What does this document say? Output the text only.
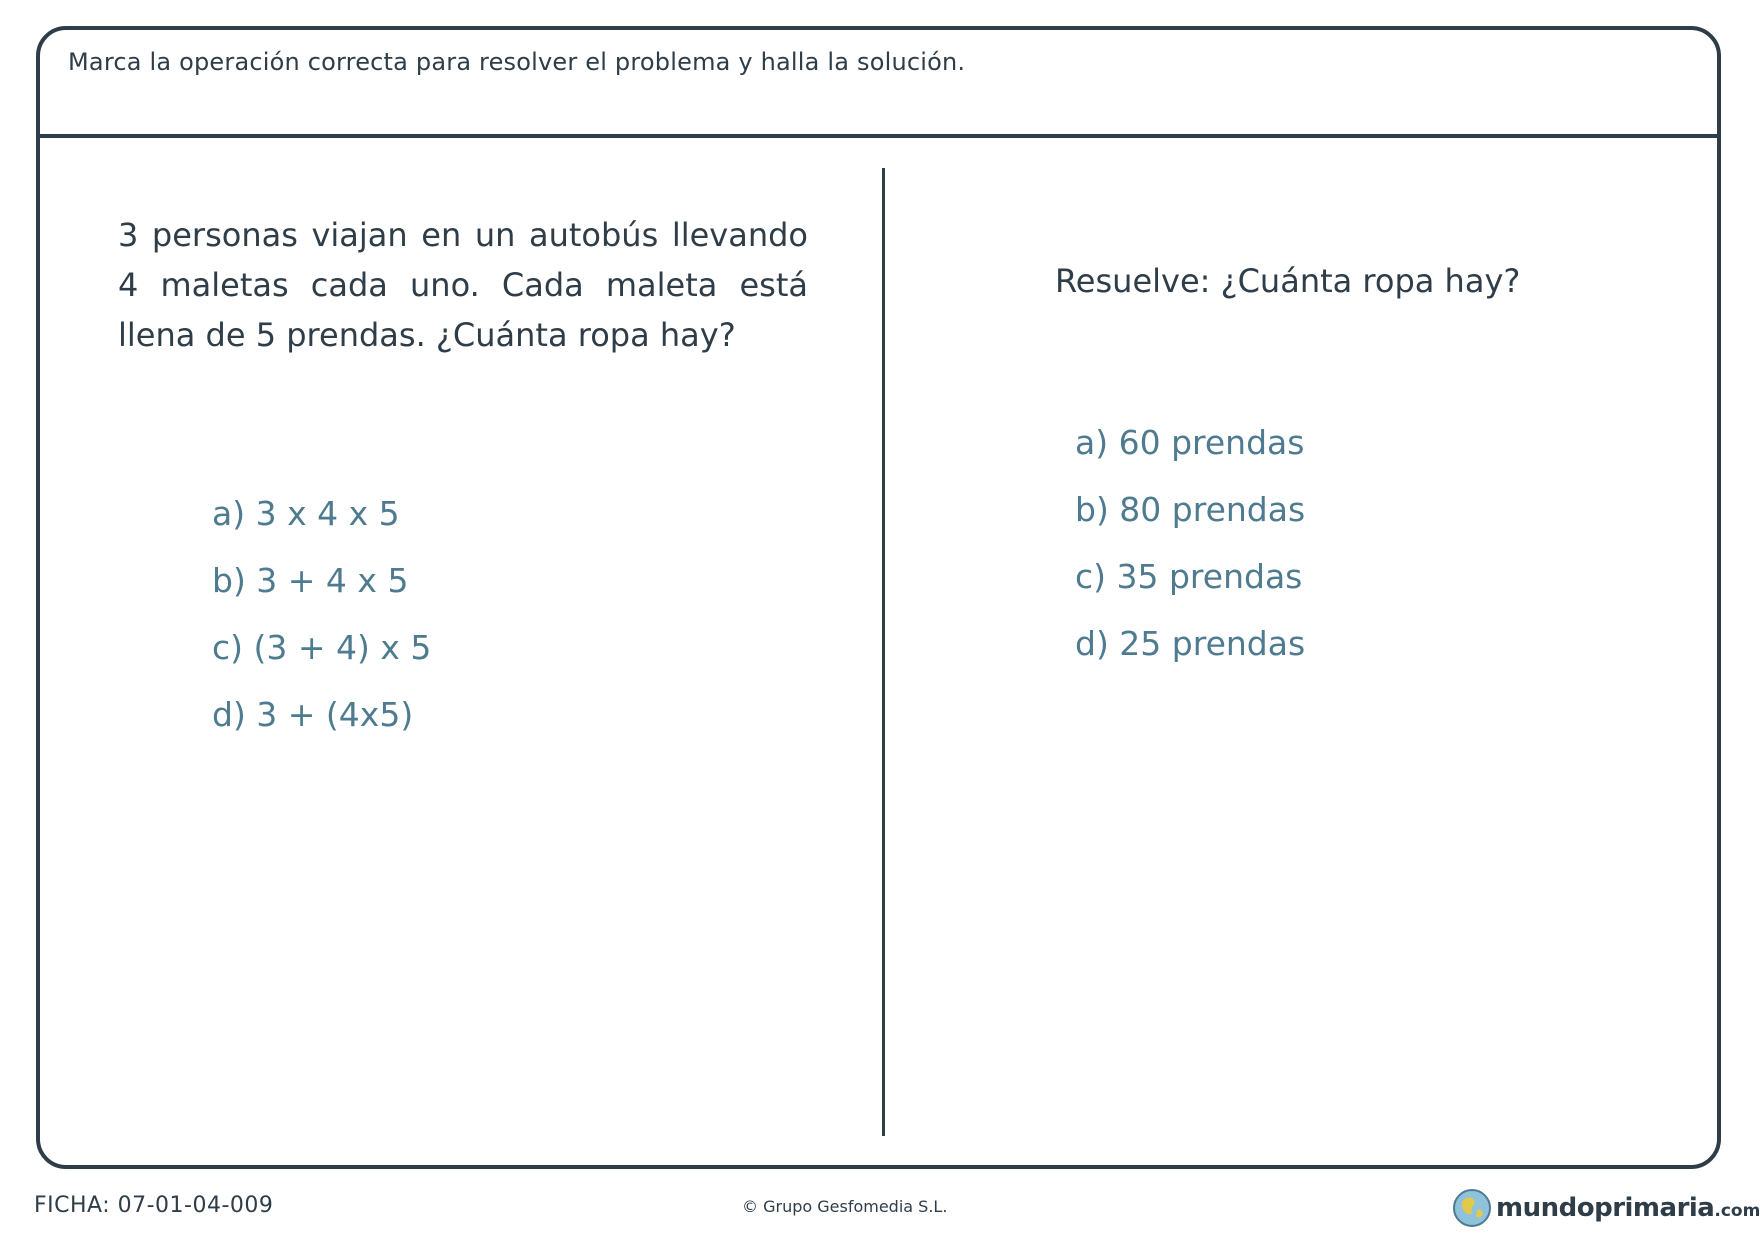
Marca la operación correcta para resolver el problema y halla la solución.
3 personas viajan en un autobús llevando 4 maletas cada uno. Cada maleta está llena de 5 prendas. ¿Cuánta ropa hay?
a) 3 x 4 x 5
b) 3 + 4 x 5
c) (3 + 4) x 5
d) 3 + (4x5)
Resuelve: ¿Cuánta ropa hay?
a) 60 prendas
b) 80 prendas
c) 35 prendas
d) 25 prendas
FICHA: 07-01-04-009	© Grupo Gesfomedia S.L.	mundoprimaria .com
